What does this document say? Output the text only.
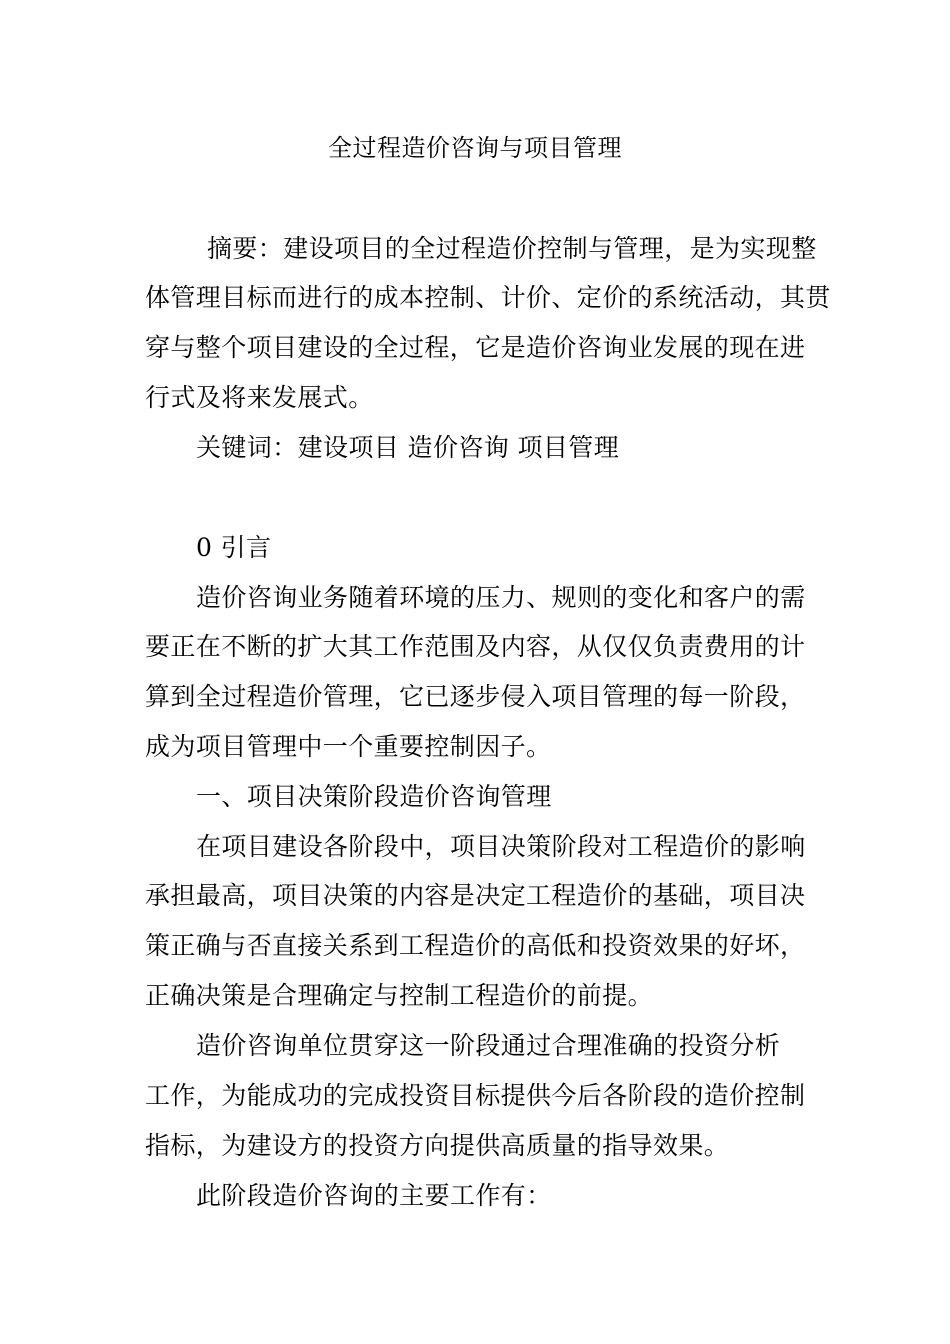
全过程造价咨询与项目管理
摘要：建设项目的全过程造价控制与管理，是为实现整
体管理目标而进行的成本控制、计价、定价的系统活动，其贯
穿与整个项目建设的全过程，它是造价咨询业发展的现在进
行式及将来发展式。
关键词：建设项目 造价咨询 项目管理
0 引言
造价咨询业务随着环境的压力、规则的变化和客户的需
要正在不断的扩大其工作范围及内容，从仅仅负责费用的计
算到全过程造价管理，它已逐步侵入项目管理的每一阶段，
成为项目管理中一个重要控制因子。
一、项目决策阶段造价咨询管理
在项目建设各阶段中，项目决策阶段对工程造价的影响
承担最高，项目决策的内容是决定工程造价的基础，项目决
策正确与否直接关系到工程造价的高低和投资效果的好坏，
正确决策是合理确定与控制工程造价的前提。
造价咨询单位贯穿这一阶段通过合理准确的投资分析
工作，为能成功的完成投资目标提供今后各阶段的造价控制
指标，为建设方的投资方向提供高质量的指导效果。
此阶段造价咨询的主要工作有：
